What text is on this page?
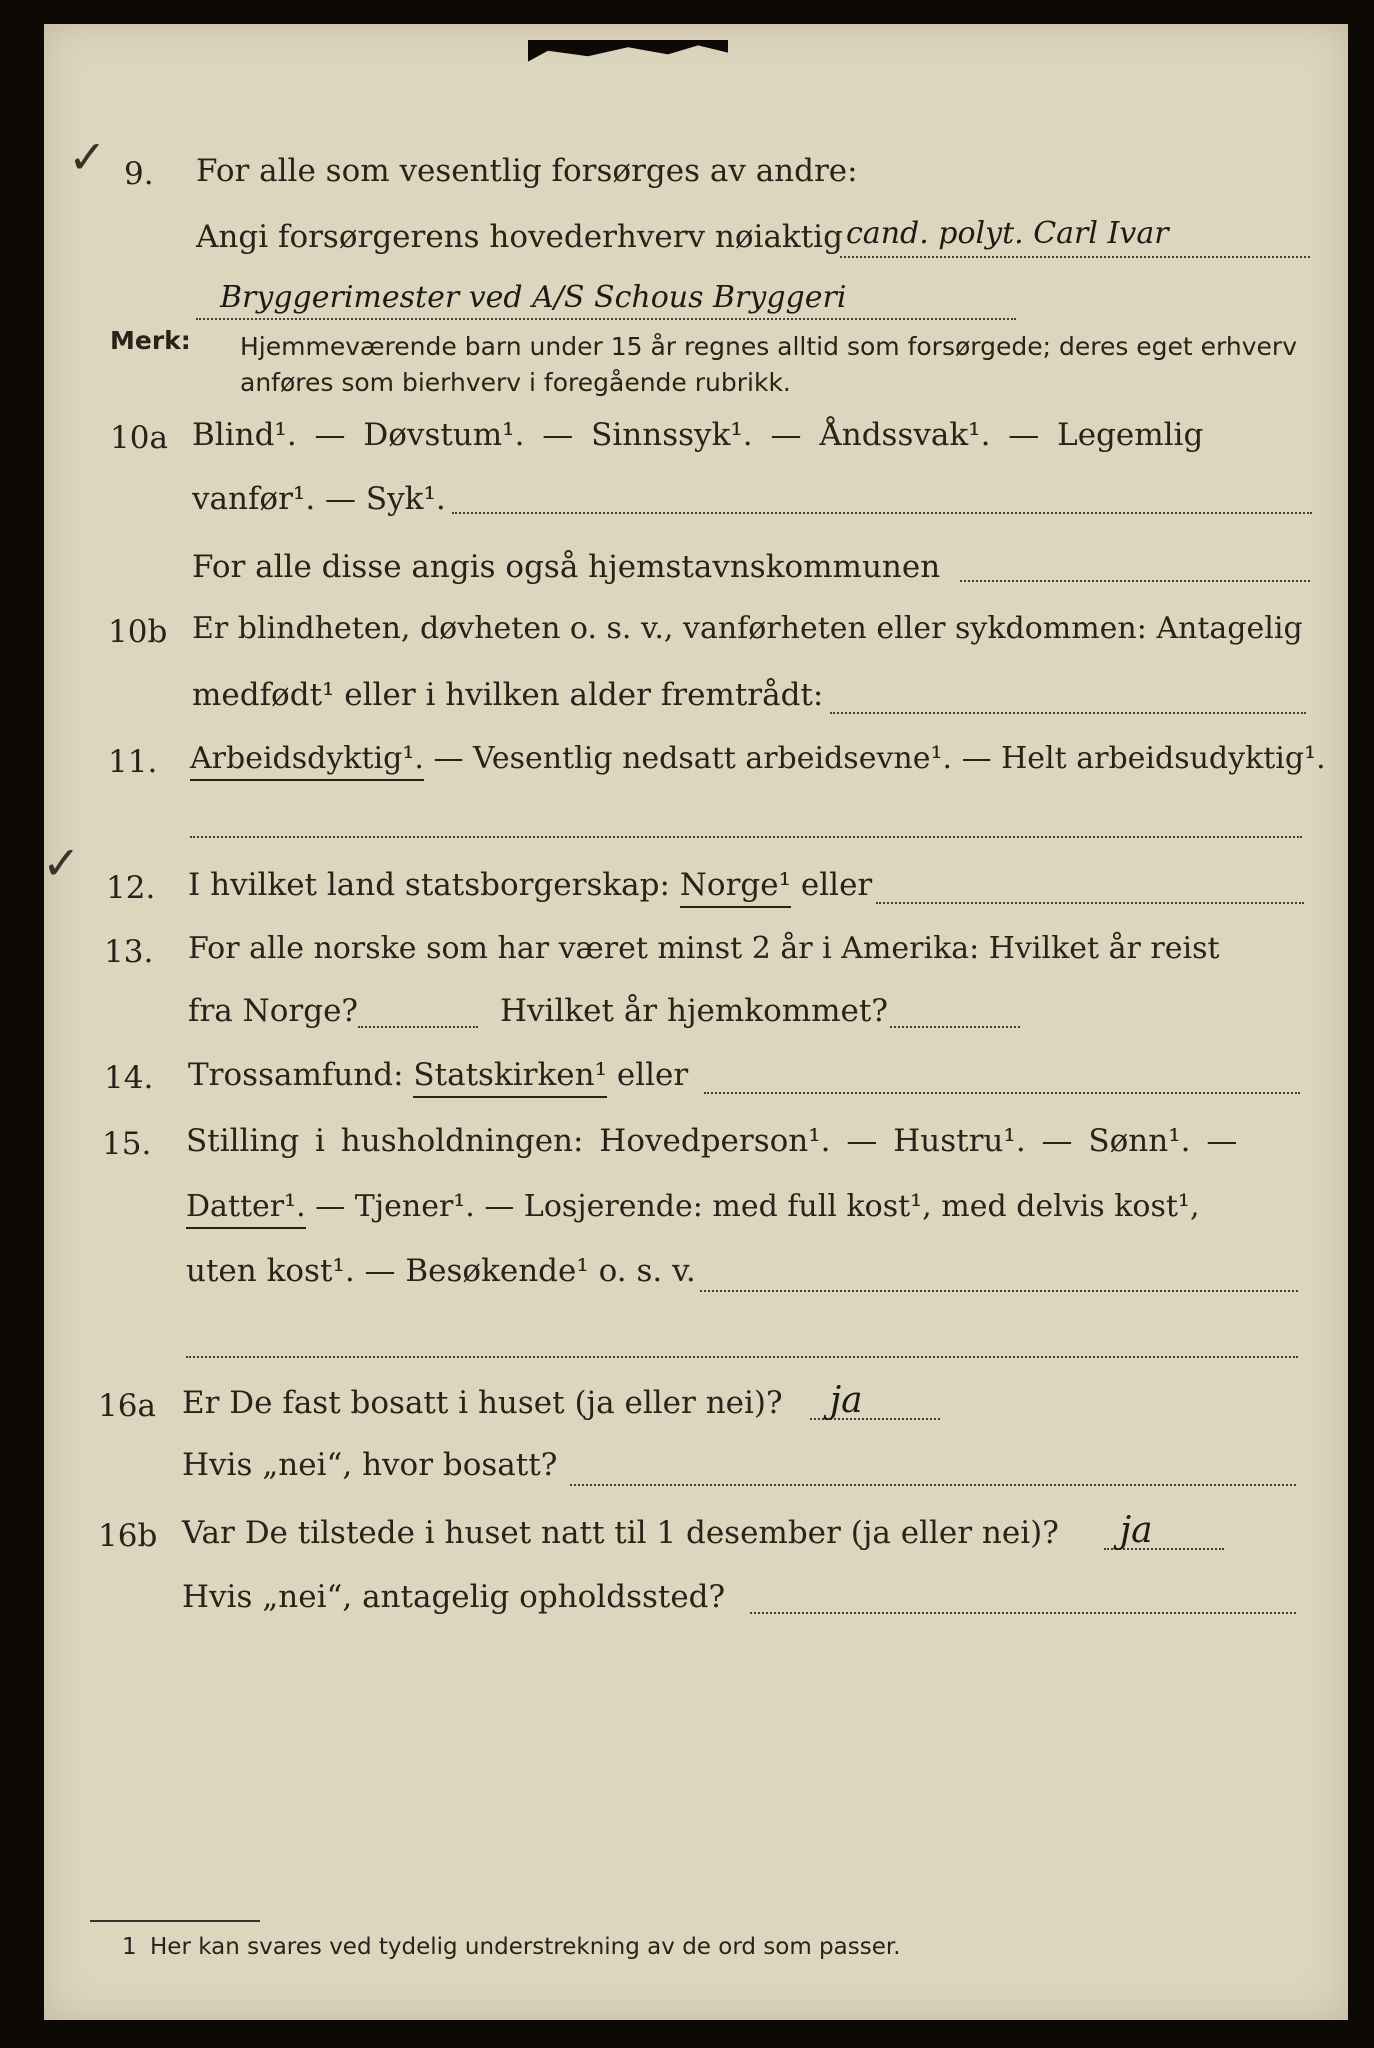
✓
✓
9. For alle som vesentlig forsørges av andre:
Angi forsørgerens hovederhverv nøiaktig cand. polyt. Carl Ivar
Bryggerimester ved A/S Schous Bryggeri
Merk: Hjemmeværende barn under 15 år regnes alltid som forsørgede; deres eget erhverv
anføres som bierhverv i foregående rubrikk.
10a Blind¹. — Døvstum¹. — Sinnssyk¹. — Åndssvak¹. — Legemlig
vanfør¹. — Syk¹.
For alle disse angis også hjemstavnskommunen
10b Er blindheten, døvheten o. s. v., vanførheten eller sykdommen: Antagelig
medfødt¹ eller i hvilken alder fremtrådt:
11. Arbeidsdyktig¹. — Vesentlig nedsatt arbeidsevne¹. — Helt arbeidsudyktig¹.
12. I hvilket land statsborgerskap: Norge¹ eller
13. For alle norske som har været minst 2 år i Amerika: Hvilket år reist
fra Norge?	Hvilket år hjemkommet?
14. Trossamfund: Statskirken¹ eller
15. Stilling i husholdningen: Hovedperson¹. — Hustru¹. — Sønn¹. —
Datter¹. — Tjener¹. — Losjerende: med full kost¹, med delvis kost¹,
uten kost¹. — Besøkende¹ o. s. v.
16a Er De fast bosatt i huset (ja eller nei)? ja
Hvis „nei“, hvor bosatt?
16b Var De tilstede i huset natt til 1 desember (ja eller nei)? ja
Hvis „nei“, antagelig opholdssted?
1 Her kan svares ved tydelig understrekning av de ord som passer.
